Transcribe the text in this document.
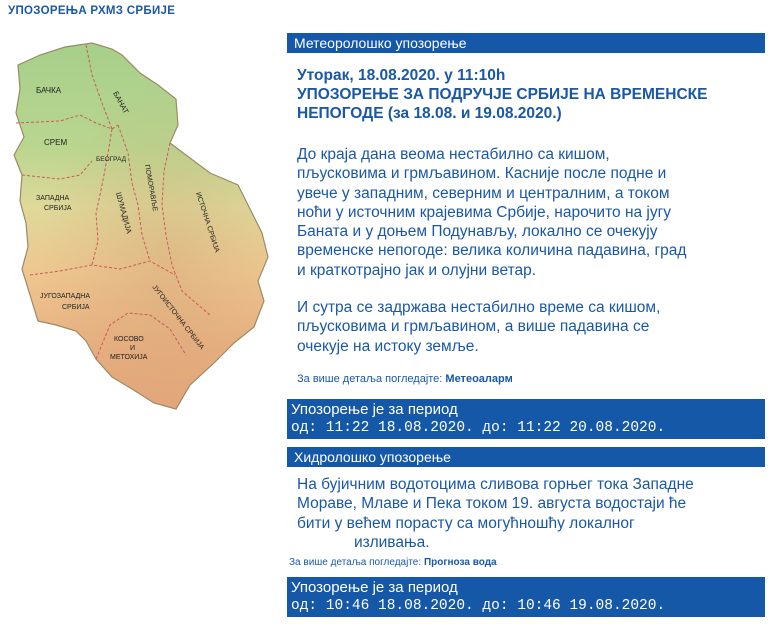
УПОЗОРЕЊА РХМЗ СРБИЈЕ
БАЧКА	БАНАТ
СРЕМ
БЕОГРАД
ЗАПАДНА
СРБИЈА	ШУМАДИЈА
ПОМОРАВЉЕ
ИСТОЧНА СРБИЈА
ЈУГОЗАПАДНА
СРБИЈА	ЈУГОИСТОЧНА СРБИЈА
КОСОВО
И
МЕТОХИЈА
Метеоролошко упозорење
Уторак, 18.08.2020. у 11:10h
УПОЗОРЕЊЕ ЗА ПОДРУЧЈЕ СРБИЈЕ НА ВРЕМЕНСКЕ
НЕПОГОДЕ (за 18.08. и 19.08.2020.)
До краја дана веома нестабилно са кишом,
пљусковима и грмљавином. Касније после подне и
увече у западним, северним и централним, а током
ноћи у источним крајевима Србије, нарочито на југу
Баната и у доњем Подунављу, локално се очекују
временске непогоде: велика количина падавина, град
и краткотрајно јак и олујни ветар.
И сутра се задржава нестабилно време са кишом,
пљусковима и грмљавином, а више падавина се
очекује на истоку земље.
За више детаља погледајте: Метеоаларм
Упозорење је за период
од: 11:22 18.08.2020. до: 11:22 20.08.2020.
Хидролошко упозорење
На бујичним водотоцима сливова горњег тока Западне
Мораве, Млаве и Пека током 19. августа водостаји ће
бити у већем порасту са могућношћу локалног
изливања.
За више детаља погледајте: Прогноза вода
Упозорење је за период
од: 10:46 18.08.2020. до: 10:46 19.08.2020.
